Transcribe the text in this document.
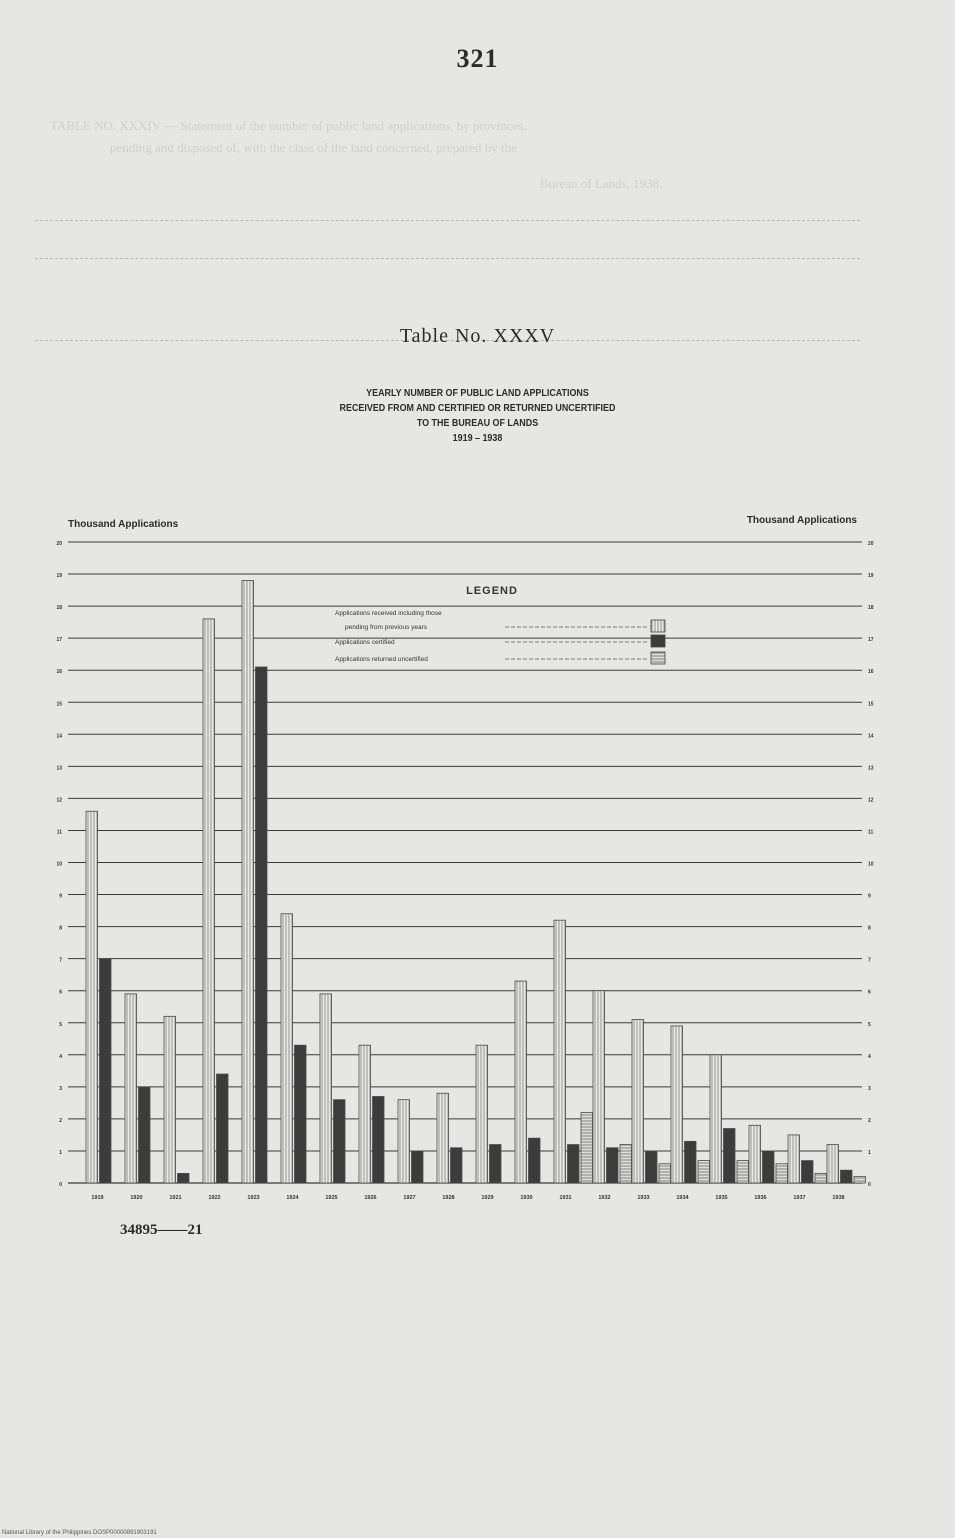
321
TABLE NO. XXXIV — Statement of the number of public land applications, by provinces,
pending and disposed of, with the class of the land concerned, prepared by the
Bureau of Lands, 1938.
Table No. XXXV
YEARLY NUMBER OF PUBLIC LAND APPLICATIONS
RECEIVED FROM AND CERTIFIED OR RETURNED UNCERTIFIED
TO THE BUREAU OF LANDS
1919 – 1938
Thousand Applications	Thousand Applications
0	0
1	1
2	2
3	3
4	4
5	5
6	6
7	7
8	8
9	9
10	10
11	11
12	12
13	13
14	14
15	15
16	16
17	17
18	18
19	19
20	20
1919	1920	1921	1922	1923	1924	1925	1926	1927	1928	1929	1930	1931	1932	1933	1934	1935	1936	1937	1938
LEGEND
Applications received including those
pending from previous years
Applications certified
Applications returned uncertified
34895——21
National Library of the Philippines DOSP00000891903191
